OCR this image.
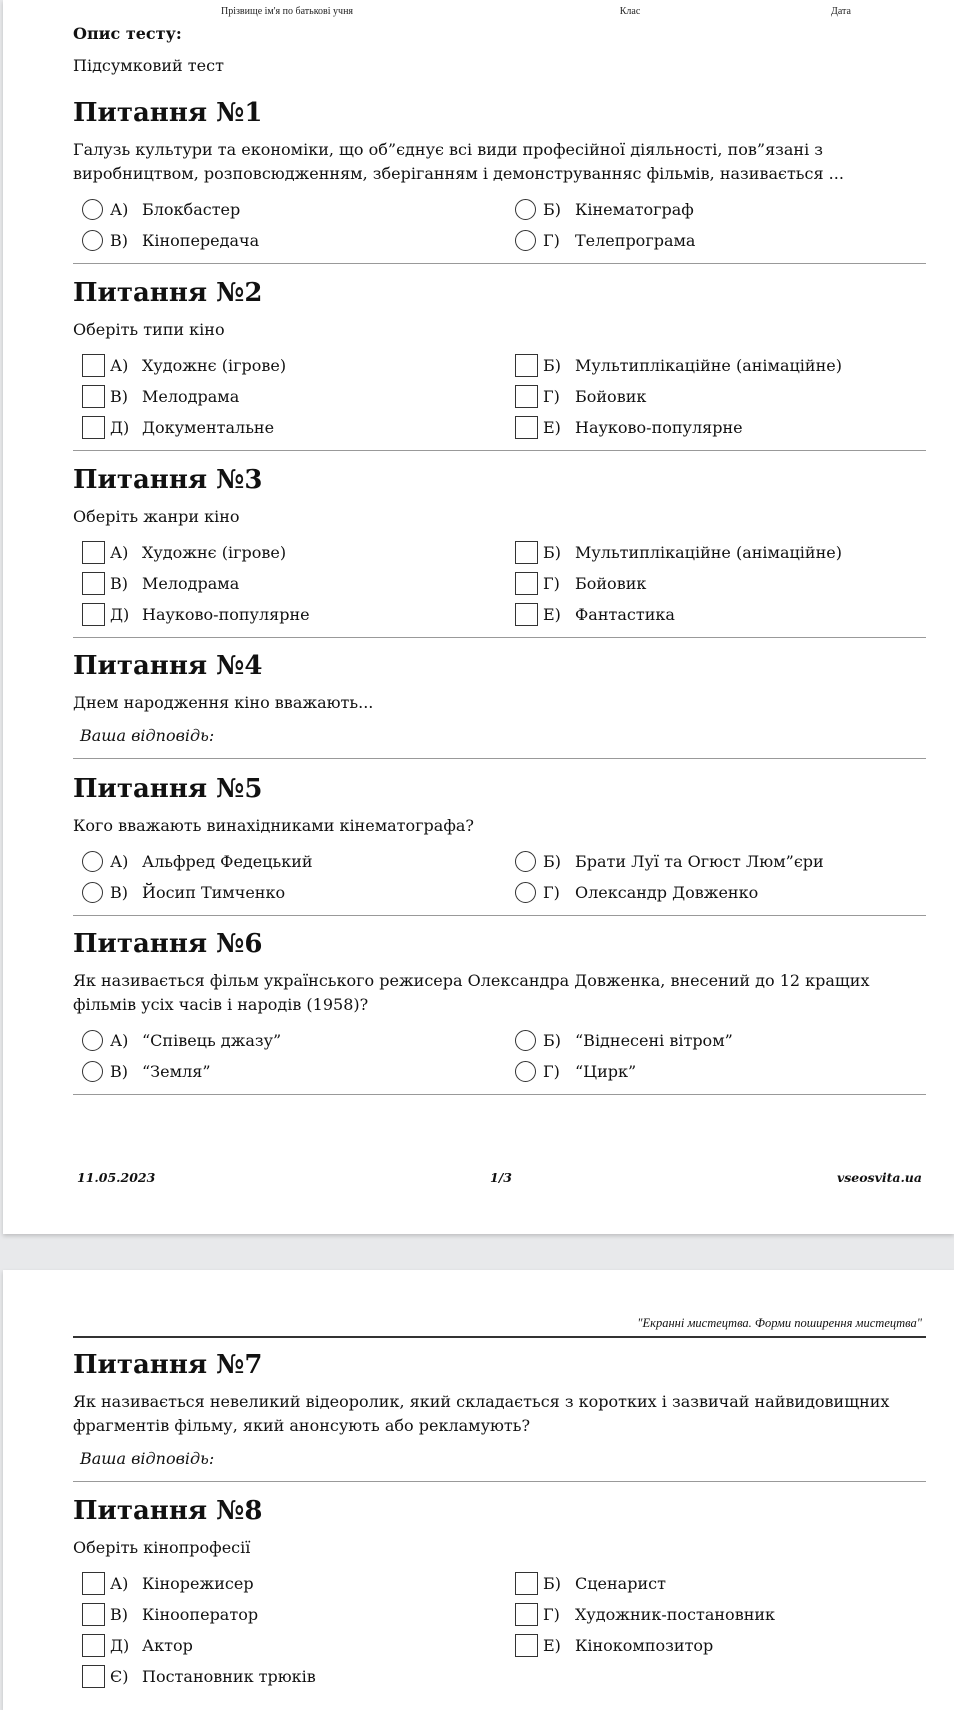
Прізвище ім'я по батькові учня	Клас	Дата
Опис тесту:
Підсумковий тест
11.05.2023	1/3	vseosvita.ua
Питання №1
Галузь культури та економіки, що об”єднує всі види професійної діяльності, пов”язані з
виробництвом, розповсюдженням, зберіганням і демонструванняс фільмів, називається ...
А) Блокбастер	Б) Кінематограф
В) Кінопередача	Г) Телепрограма
Питання №2
Оберіть типи кіно
А) Художнє (ігрове)	Б) Мультиплікаційне (анімаційне)
В) Мелодрама	Г) Бойовик
Д) Документальне	Е) Науково-популярне
Питання №3
Оберіть жанри кіно
А) Художнє (ігрове)	Б) Мультиплікаційне (анімаційне)
В) Мелодрама	Г) Бойовик
Д) Науково-популярне	Е) Фантастика
Питання №4
Днем народження кіно вважають...
Ваша відповідь:
Питання №5
Кого вважають винахідниками кінематографа?
А) Альфред Федецький	Б) Брати Луї та Огюст Люм”єри
В) Йосип Тимченко	Г) Олександр Довженко
Питання №6
Як називається фільм українського режисера Олександра Довженка, внесений до 12 кращих
фільмів усіх часів і народів (1958)?
А) “Співець джазу”	Б) “Віднесені вітром”
В) “Земля”	Г) “Цирк”
"Екранні мистецтва. Форми поширення мистецтва"
Питання №7
Як називається невеликий відеоролик, який складається з коротких і зазвичай найвидовищних
фрагментів фільму, який анонсують або рекламують?
Ваша відповідь:
Питання №8
Оберіть кінопрофесії
А) Кінорежисер	Б) Сценарист
В) Кінооператор	Г) Художник-постановник
Д) Актор	Е) Кінокомпозитор
Є) Постановник трюків
